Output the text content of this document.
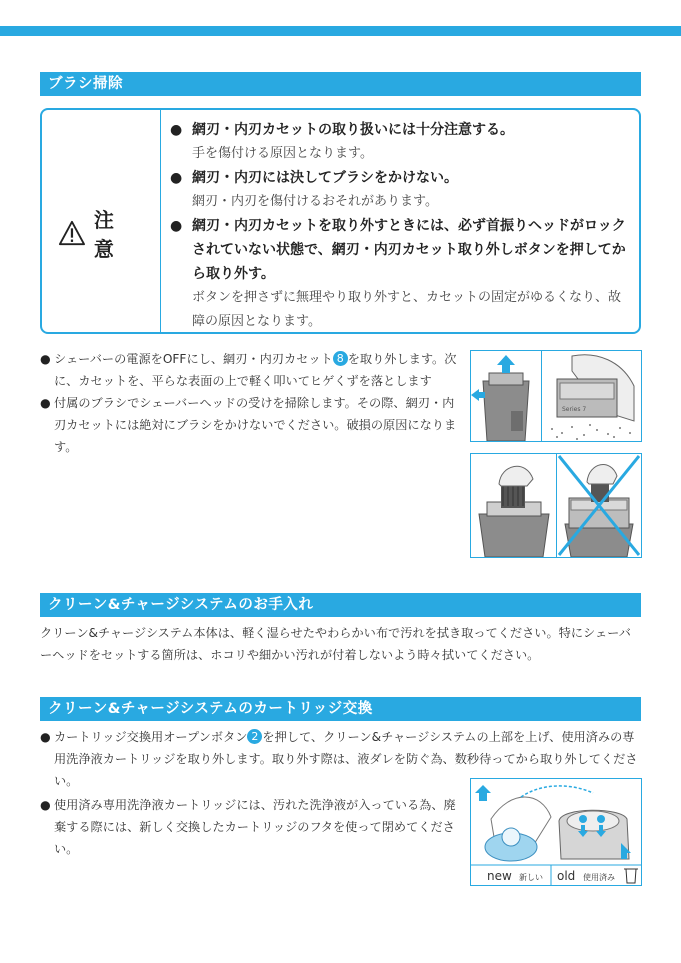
ブラシ掃除
注 意
● 網刃・内刃カセットの取り扱いには十分注意する。
手を傷付ける原因となります。
● 網刃・内刃には決してブラシをかけない。
網刃・内刃を傷付けるおそれがあります。
● 網刃・内刃カセットを取り外すときには、必ず首振りヘッドがロックされていない状態で、網刃・内刃カセット取り外しボタンを押してから取り外す。
ボタンを押さずに無理やり取り外すと、カセットの固定がゆるくなり、故障の原因となります。
● シェーバーの電源をOFFにし、網刃・内刃カセット 8 を取り外します。次に、カセットを、平らな表面の上で軽く叩いてヒゲくずを落とします
● 付属のブラシでシェーバーヘッドの受けを掃除します。その際、網刃・内刃カセットには絶対にブラシをかけないでください。破損の原因になります。
Series 7
クリーン&チャージシステムのお手入れ
クリーン&チャージシステム本体は、軽く湿らせたやわらかい布で汚れを拭き取ってください。特にシェーバーヘッドをセットする箇所は、ホコリや細かい汚れが付着しないよう時々拭いてください。
クリーン&チャージシステムのカートリッジ交換
● カートリッジ交換用オープンボタン 2 を押して、クリーン&チャージシステムの上部を上げ、使用済みの専用洗浄液カートリッジを取り外します。取り外す際は、液ダレを防ぐ為、数秒待ってから取り外してください。
● 使用済み専用洗浄液カートリッジには、汚れた洗浄液が入っている為、廃棄する際には、新しく交換したカートリッジのフタを使って閉めてください。
new 新しい old 使用済み
